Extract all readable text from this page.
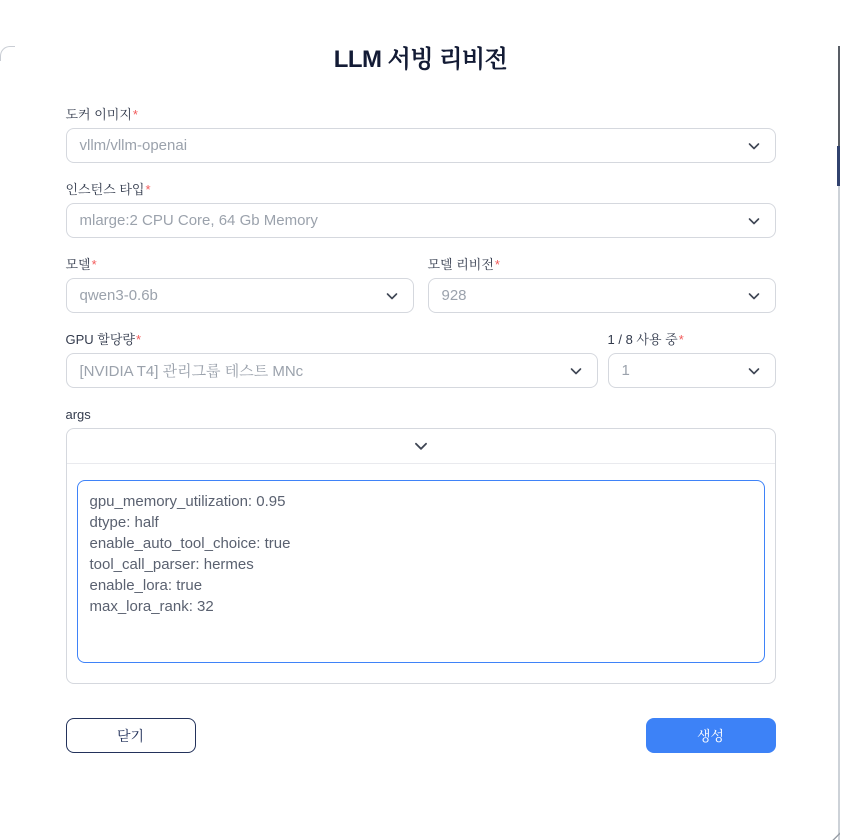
LLM 서빙 리비전
도커 이미지*
vllm/vllm-openai
인스턴스 타입*
mlarge:2 CPU Core, 64 Gb Memory
모델*
qwen3-0.6b
모델 리비전*
928
GPU 할당량*
[NVIDIA T4] 관리그룹 테스트 MNc
1 / 8 사용 중*
1
args
gpu_memory_utilization: 0.95 dtype: half enable_auto_tool_choice: true tool_call_parser: hermes enable_lora: true max_lora_rank: 32
닫기	생성
